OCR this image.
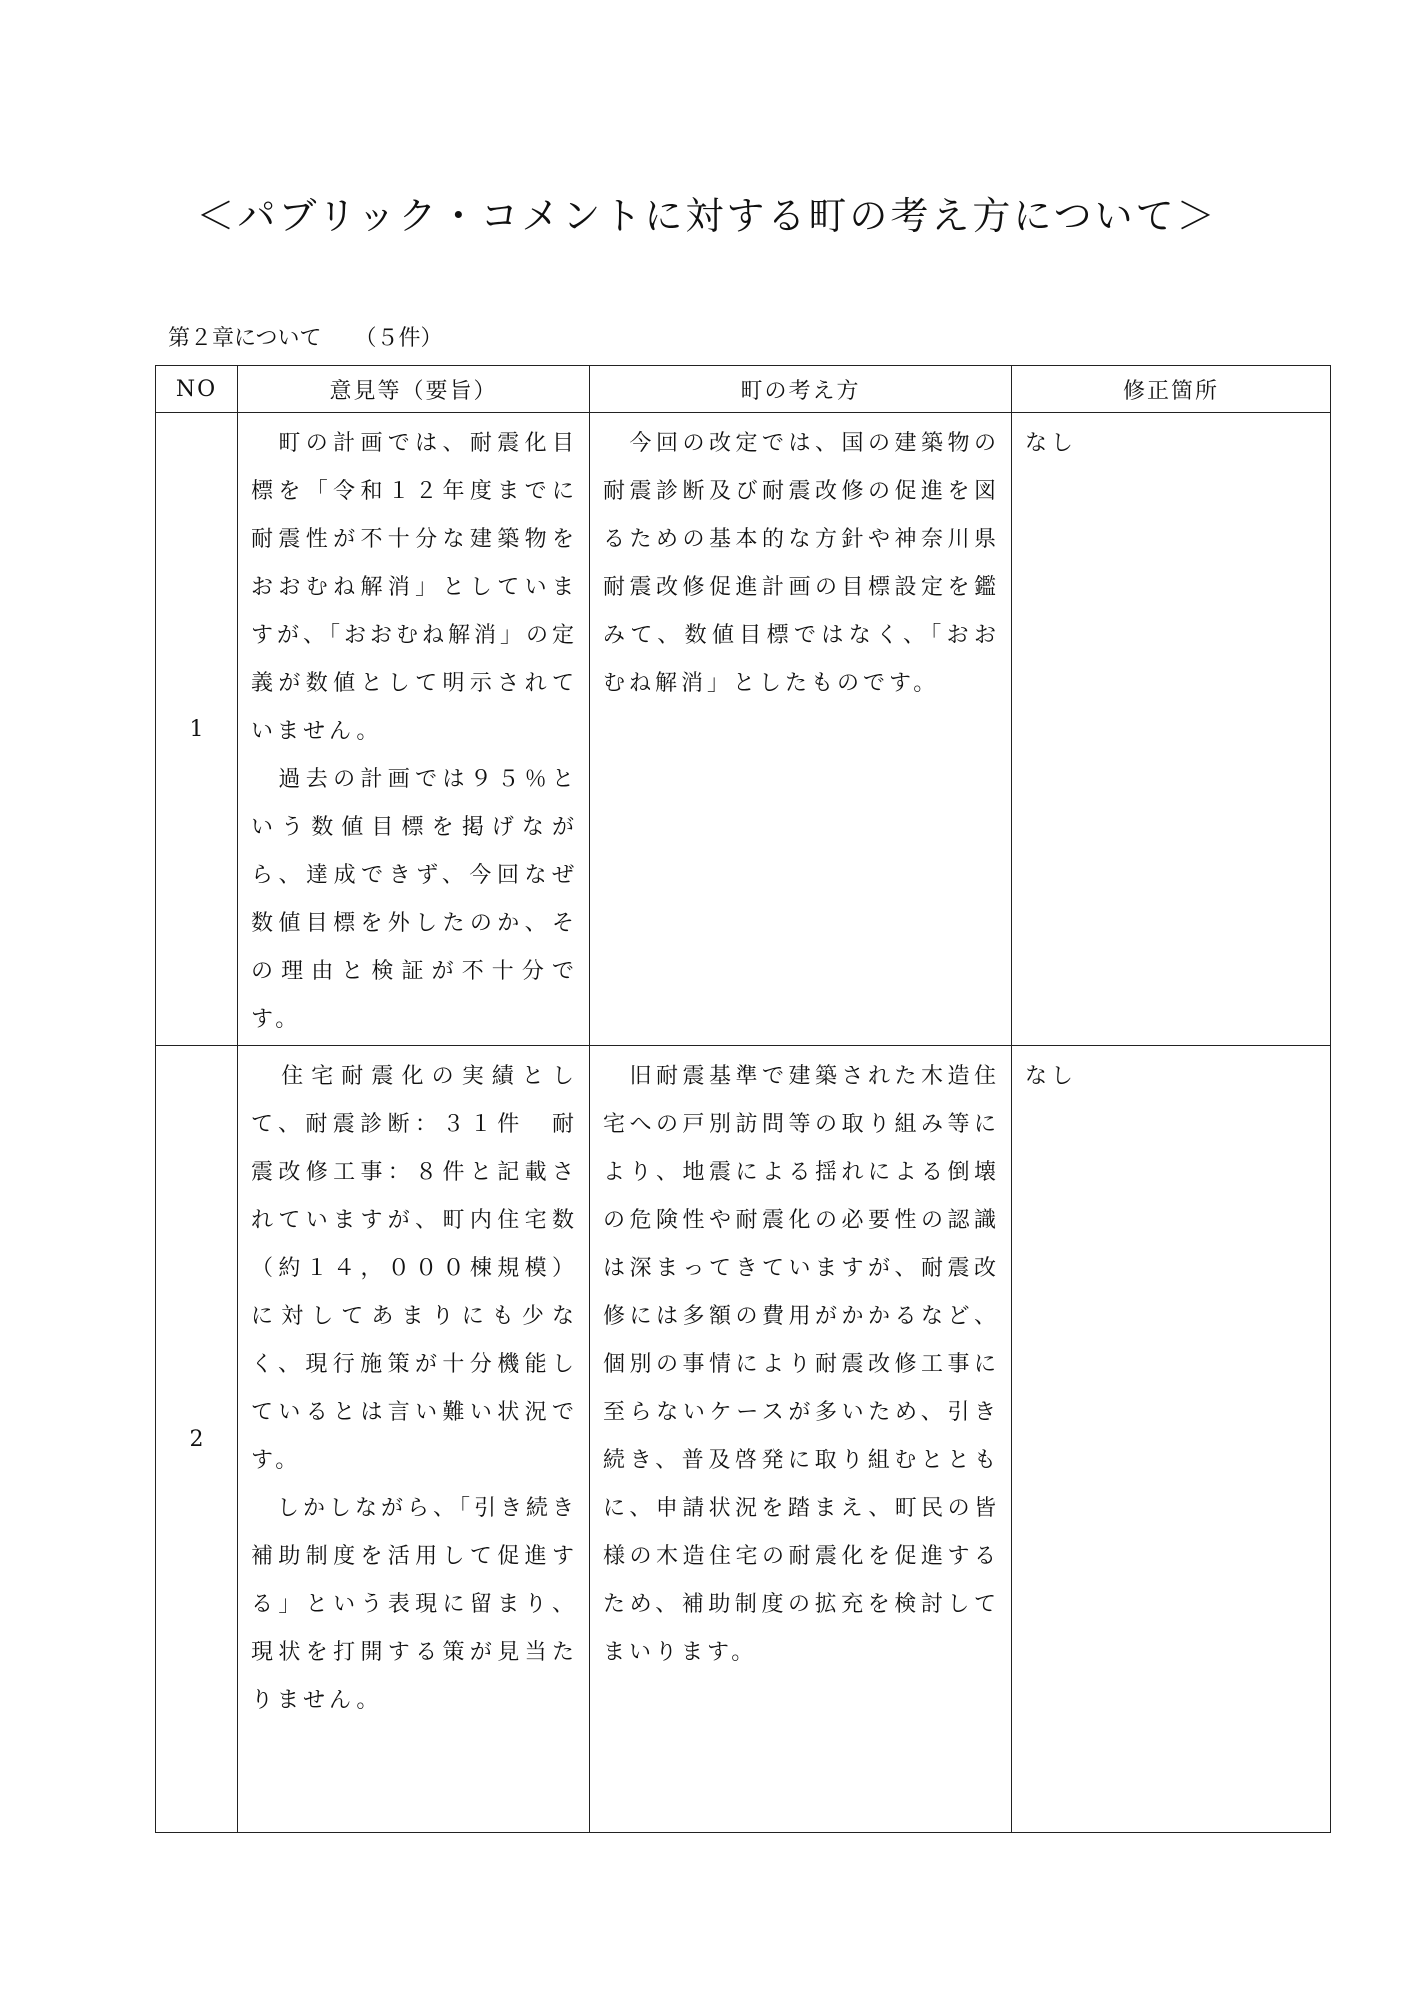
＜パブリック・コメントに対する町の考え方について＞
第２章について　　（５件）
NO	意見等（要旨）	町の考え方	修正箇所
1	　町の計画では、耐震化目標を「令和１２年度までに耐震性が不十分な建築物をおおむね解消」としていますが、「おおむね解消」の定義が数値として明示されていません。
　過去の計画では９５％という数値目標を掲げながら、達成できず、今回なぜ数値目標を外したのか、その理由と検証が不十分です。	　今回の改定では、国の建築物の耐震診断及び耐震改修の促進を図るための基本的な方針や神奈川県耐震改修促進計画の目標設定を鑑みて、数値目標ではなく、「おおむね解消」としたものです。	なし

2	　住宅耐震化の実績として、耐震診断：３１件　耐震改修工事：８件と記載されていますが、町内住宅数（約１４，０００棟規模）に対してあまりにも少なく、現行施策が十分機能しているとは言い難い状況です。
　しかしながら、「引き続き補助制度を活用して促進する」という表現に留まり、現状を打開する策が見当たりません。	　旧耐震基準で建築された木造住宅への戸別訪問等の取り組み等により、地震による揺れによる倒壊の危険性や耐震化の必要性の認識は深まってきていますが、耐震改修には多額の費用がかかるなど、個別の事情により耐震改修工事に至らないケースが多いため、引き続き、普及啓発に取り組むとともに、申請状況を踏まえ、町民の皆様の木造住宅の耐震化を促進するため、補助制度の拡充を検討してまいります。	なし
